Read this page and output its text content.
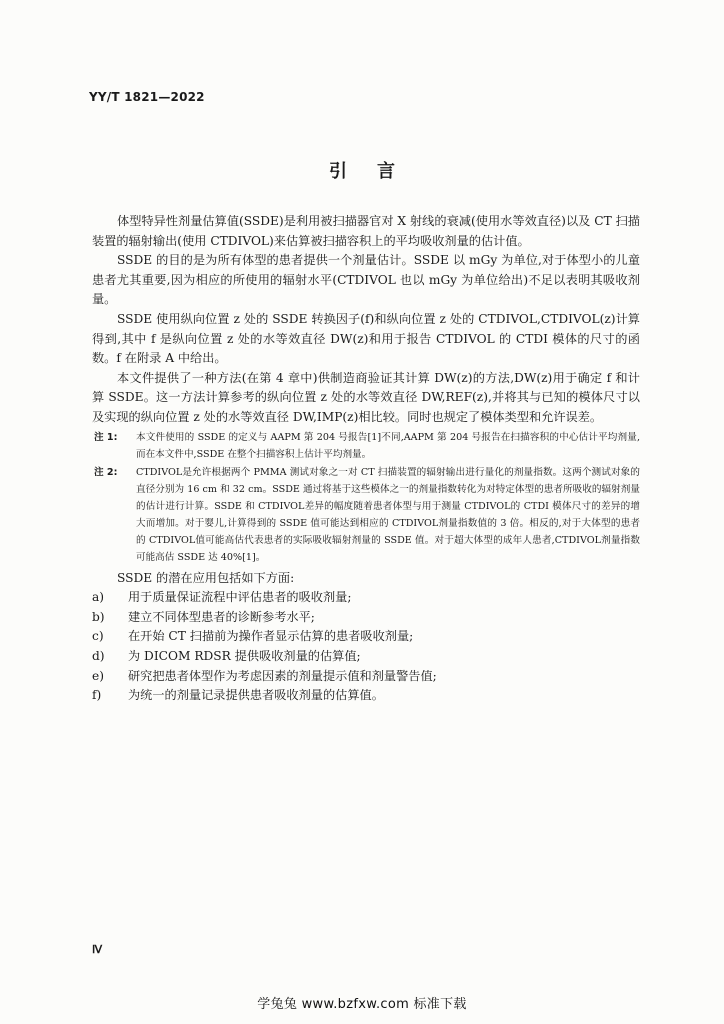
YY/T 1821—2022
引言

体型特异性剂量估算值(SSDE)是利用被扫描器官对 X 射线的衰减(使用水等效直径)以及 CT 扫描装置的辐射输出(使用 CTDIVOL)来估算被扫描容积上的平均吸收剂量的估计值。

SSDE 的目的是为所有体型的患者提供一个剂量估计。SSDE 以 mGy 为单位,对于体型小的儿童患者尤其重要,因为相应的所使用的辐射水平(CTDIVOL 也以 mGy 为单位给出)不足以表明其吸收剂量。

SSDE 使用纵向位置 z 处的 SSDE 转换因子(f)和纵向位置 z 处的 CTDIVOL,CTDIVOL(z)计算得到,其中 f 是纵向位置 z 处的水等效直径 DW(z)和用于报告 CTDIVOL 的 CTDI 模体的尺寸的函数。f 在附录 A 中给出。

本文件提供了一种方法(在第 4 章中)供制造商验证其计算 DW(z)的方法,DW(z)用于确定 f 和计算 SSDE。这一方法计算参考的纵向位置 z 处的水等效直径 DW,REF(z),并将其与已知的模体尺寸以及实现的纵向位置 z 处的水等效直径 DW,IMP(z)相比较。同时也规定了模体类型和允许误差。

注 1:	本文件使用的 SSDE 的定义与 AAPM 第 204 号报告[1]不同,AAPM 第 204 号报告在扫描容积的中心估计平均剂量,而在本文件中,SSDE 在整个扫描容积上估计平均剂量。
注 2:	CTDIVOL是允许根据两个 PMMA 测试对象之一对 CT 扫描装置的辐射输出进行量化的剂量指数。这两个测试对象的直径分别为 16 cm 和 32 cm。SSDE 通过将基于这些模体之一的剂量指数转化为对特定体型的患者所吸收的辐射剂量的估计进行计算。SSDE 和 CTDIVOL差异的幅度随着患者体型与用于测量 CTDIVOL的 CTDI 模体尺寸的差异的增大而增加。对于婴儿,计算得到的 SSDE 值可能达到相应的 CTDIVOL剂量指数值的 3 倍。相反的,对于大体型的患者的 CTDIVOL值可能高估代表患者的实际吸收辐射剂量的 SSDE 值。对于超大体型的成年人患者,CTDIVOL剂量指数可能高估 SSDE 达 40%[1]。

SSDE 的潜在应用包括如下方面:

a)	用于质量保证流程中评估患者的吸收剂量;
b)	建立不同体型患者的诊断参考水平;
c)	在开始 CT 扫描前为操作者显示估算的患者吸收剂量;
d)	为 DICOM RDSR 提供吸收剂量的估算值;
e)	研究把患者体型作为考虑因素的剂量提示值和剂量警告值;
f)	为统一的剂量记录提供患者吸收剂量的估算值。
Ⅳ
学兔兔 www.bzfxw.com 标准下载
